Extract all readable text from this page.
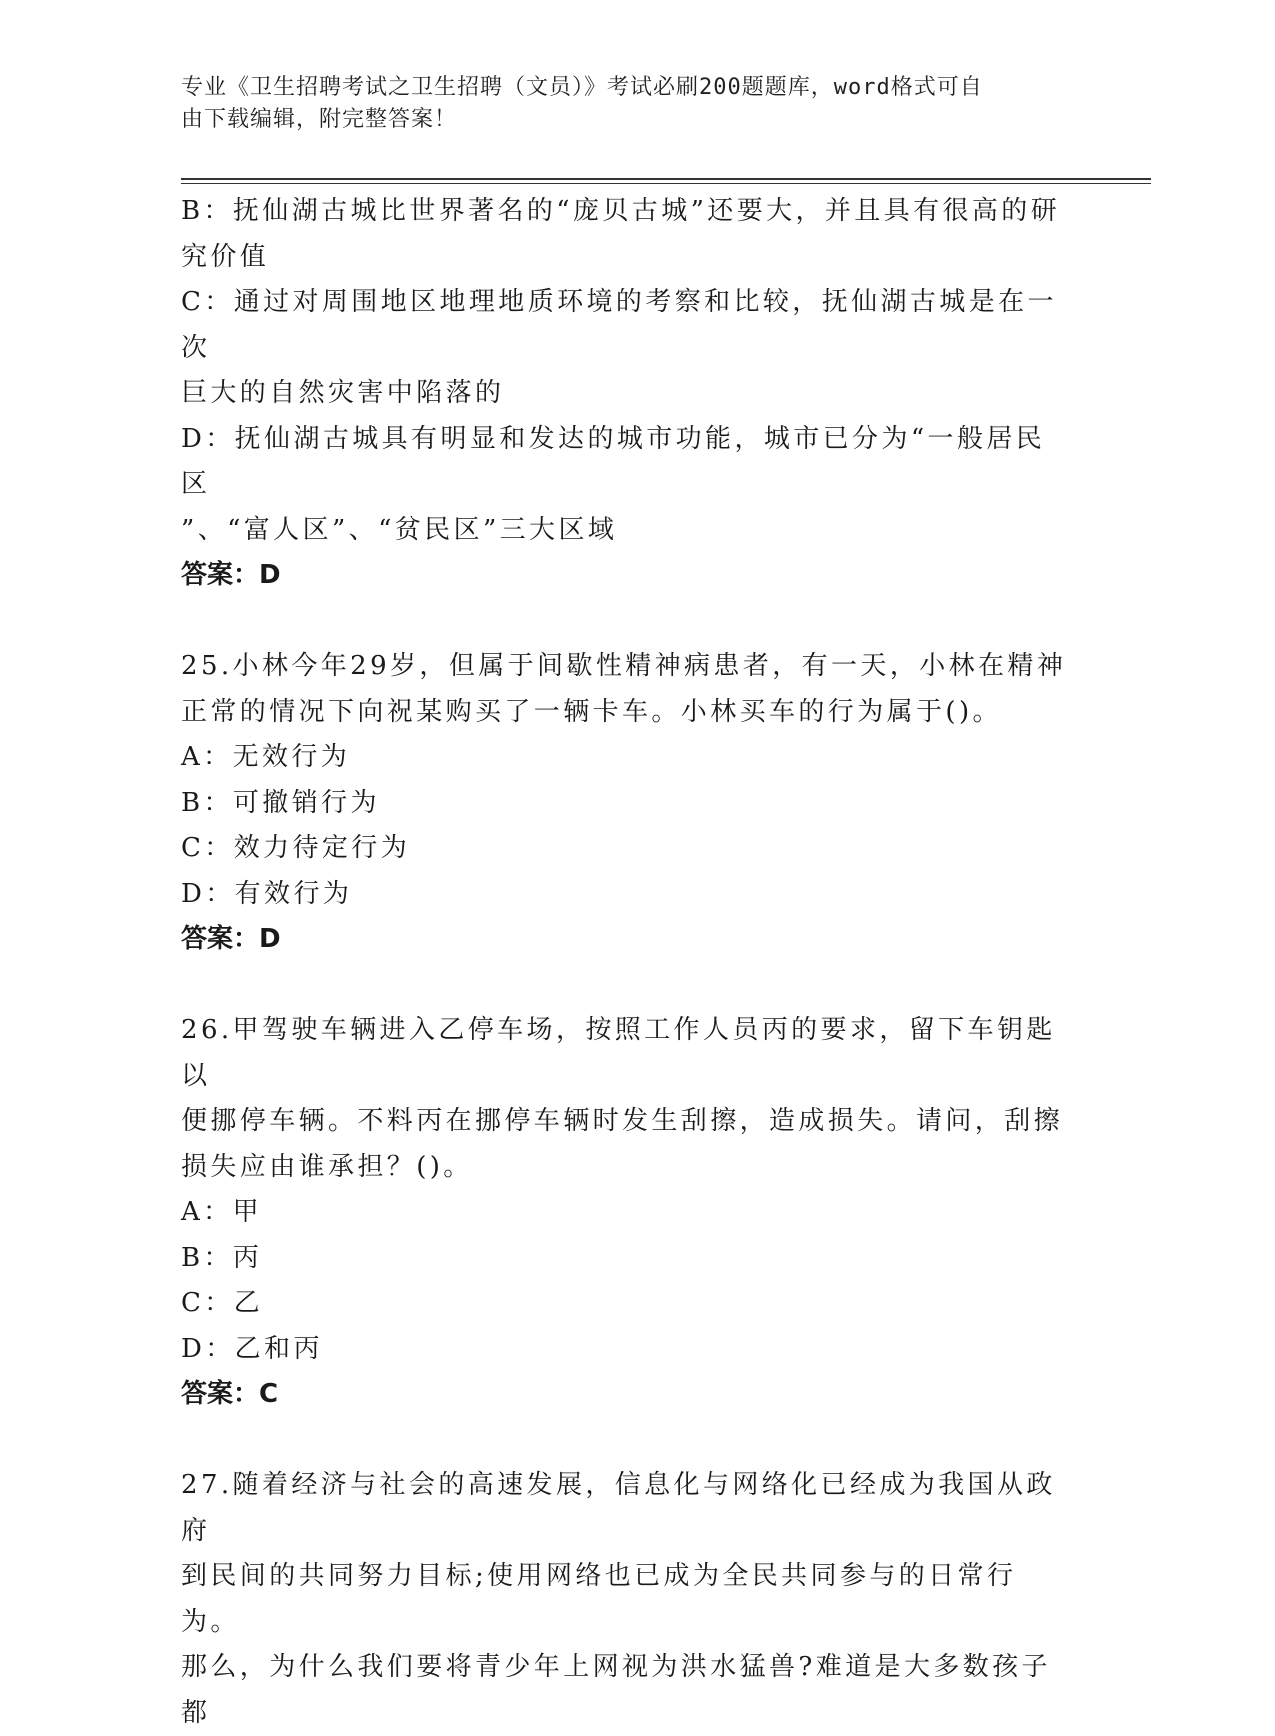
专业《卫生招聘考试之卫生招聘（文员）》考试必刷200题题库，word格式可自
由下载编辑，附完整答案！

B：抚仙湖古城比世界著名的“庞贝古城”还要大，并且具有很高的研

究价值

C：通过对周围地区地理地质环境的考察和比较，抚仙湖古城是在一次

巨大的自然灾害中陷落的

D：抚仙湖古城具有明显和发达的城市功能，城市已分为“一般居民区

”、“富人区”、“贫民区”三大区域

答案：D

25.小林今年29岁，但属于间歇性精神病患者，有一天，小林在精神

正常的情况下向祝某购买了一辆卡车。小林买车的行为属于()。

A：无效行为

B：可撤销行为

C：效力待定行为

D：有效行为

答案：D

26.甲驾驶车辆进入乙停车场，按照工作人员丙的要求，留下车钥匙以

便挪停车辆。不料丙在挪停车辆时发生刮擦，造成损失。请问，刮擦

损失应由谁承担？()。

A：甲

B：丙

C：乙

D：乙和丙

答案：C

27.随着经济与社会的高速发展，信息化与网络化已经成为我国从政府

到民间的共同努力目标;使用网络也已成为全民共同参与的日常行为。

那么，为什么我们要将青少年上网视为洪水猛兽?难道是大多数孩子都
